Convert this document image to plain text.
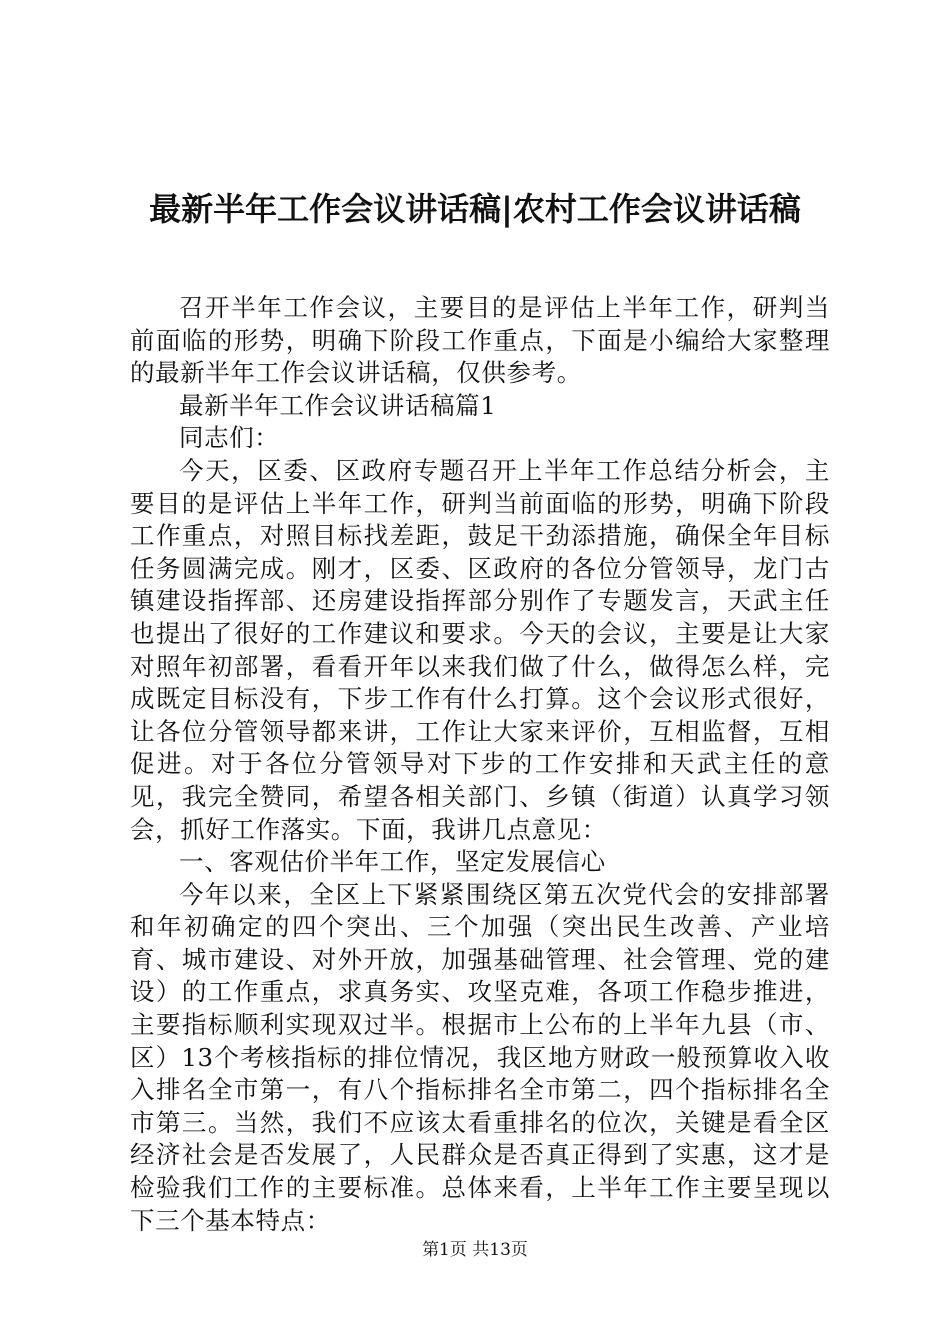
最新半年工作会议讲话稿|农村工作会议讲话稿

召开半年工作会议，主要目的是评估上半年工作，研判当前面临的形势，明确下阶段工作重点，下面是小编给大家整理的最新半年工作会议讲话稿，仅供参考。

最新半年工作会议讲话稿篇1

同志们：

今天，区委、区政府专题召开上半年工作总结分析会，主要目的是评估上半年工作，研判当前面临的形势，明确下阶段工作重点，对照目标找差距，鼓足干劲添措施，确保全年目标任务圆满完成。刚才，区委、区政府的各位分管领导，龙门古镇建设指挥部、还房建设指挥部分别作了专题发言，天武主任也提出了很好的工作建议和要求。今天的会议，主要是让大家对照年初部署，看看开年以来我们做了什么，做得怎么样，完成既定目标没有，下步工作有什么打算。这个会议形式很好，让各位分管领导都来讲，工作让大家来评价，互相监督，互相促进。对于各位分管领导对下步的工作安排和天武主任的意见，我完全赞同，希望各相关部门、乡镇（街道）认真学习领会，抓好工作落实。下面，我讲几点意见：

一、客观估价半年工作，坚定发展信心

今年以来，全区上下紧紧围绕区第五次党代会的安排部署和年初确定的四个突出、三个加强（突出民生改善、产业培育、城市建设、对外开放，加强基础管理、社会管理、党的建设）的工作重点，求真务实、攻坚克难，各项工作稳步推进，主要指标顺利实现双过半。根据市上公布的上半年九县（市、区）13个考核指标的排位情况，我区地方财政一般预算收入收入排名全市第一，有八个指标排名全市第二，四个指标排名全市第三。当然，我们不应该太看重排名的位次，关键是看全区经济社会是否发展了，人民群众是否真正得到了实惠，这才是检验我们工作的主要标准。总体来看，上半年工作主要呈现以下三个基本特点：

第1页 共13页
